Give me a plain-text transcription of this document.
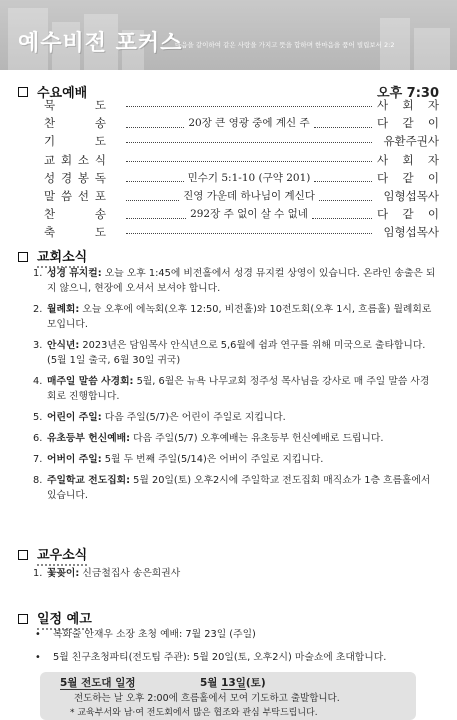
예수비전 포커스
마음을 같이하여 같은 사랑을 가지고 뜻을 합하며 한마음을 품어 빌립보서 2:2
수요예배	오후 7:30
묵	도	사 회 자
찬	송	20장 큰 영광 중에 계신 주	다 같 이
기	도	유환주권사
교 회 소 식	사 회 자
성 경 봉 독	민수기 5:1-10 (구약 201)	다 같 이
말 씀 선 포	진영 가운데 하나님이 계신다	임형섭목사
찬	송	292장 주 없이 살 수 없네	다 같 이
축	도	임형섭목사
교회소식
1. 성경 뮤지컬: 오늘 오후 1:45에 비전홀에서 성경 뮤지컬 상영이 있습니다. 온라인 송출은 되지 않으니, 현장에 오셔서 보셔야 합니다.
2. 월례회: 오늘 오후에 에녹회(오후 12:50, 비전홀)와 10전도회(오후 1시, 흐름홀) 월례회로 모입니다.
3. 안식년: 2023년은 담임목사 안식년으로 5,6월에 쉼과 연구를 위해 미국으로 출타합니다. (5월 1일 출국, 6월 30일 귀국)
4. 매주일 말씀 사경회: 5월, 6월은 뉴욕 나무교회 정주성 목사님을 강사로 매 주일 말씀 사경회로 진행합니다.
5. 어린이 주일: 다음 주일(5/7)은 어린이 주일로 지킵니다.
6. 유초등부 헌신예배: 다음 주일(5/7) 오후예배는 유초등부 헌신예배로 드립니다.
7. 어버이 주일: 5월 두 번째 주일(5/14)은 어버이 주일로 지킵니다.
8. 주일학교 전도집회: 5월 20일(토) 오후2시에 주일학교 전도집회 매직쇼가 1층 흐름홀에서 있습니다.
교우소식
1. 꽃꽂이: 신금철집사 송은희권사
일정 예고
• 복화술 안재우 소장 초청 예배: 7월 23일 (주일)
• 5월 친구초청파티(전도팀 주관): 5월 20일(토, 오후2시) 마술쇼에 초대합니다.
5월 전도대 일정	5월 13일(토)
전도하는 날 오후 2:00에 흐름홀에서 모여 기도하고 출발합니다.
* 교육부서와 남·여 전도회에서 많은 협조와 관심 부탁드립니다.
